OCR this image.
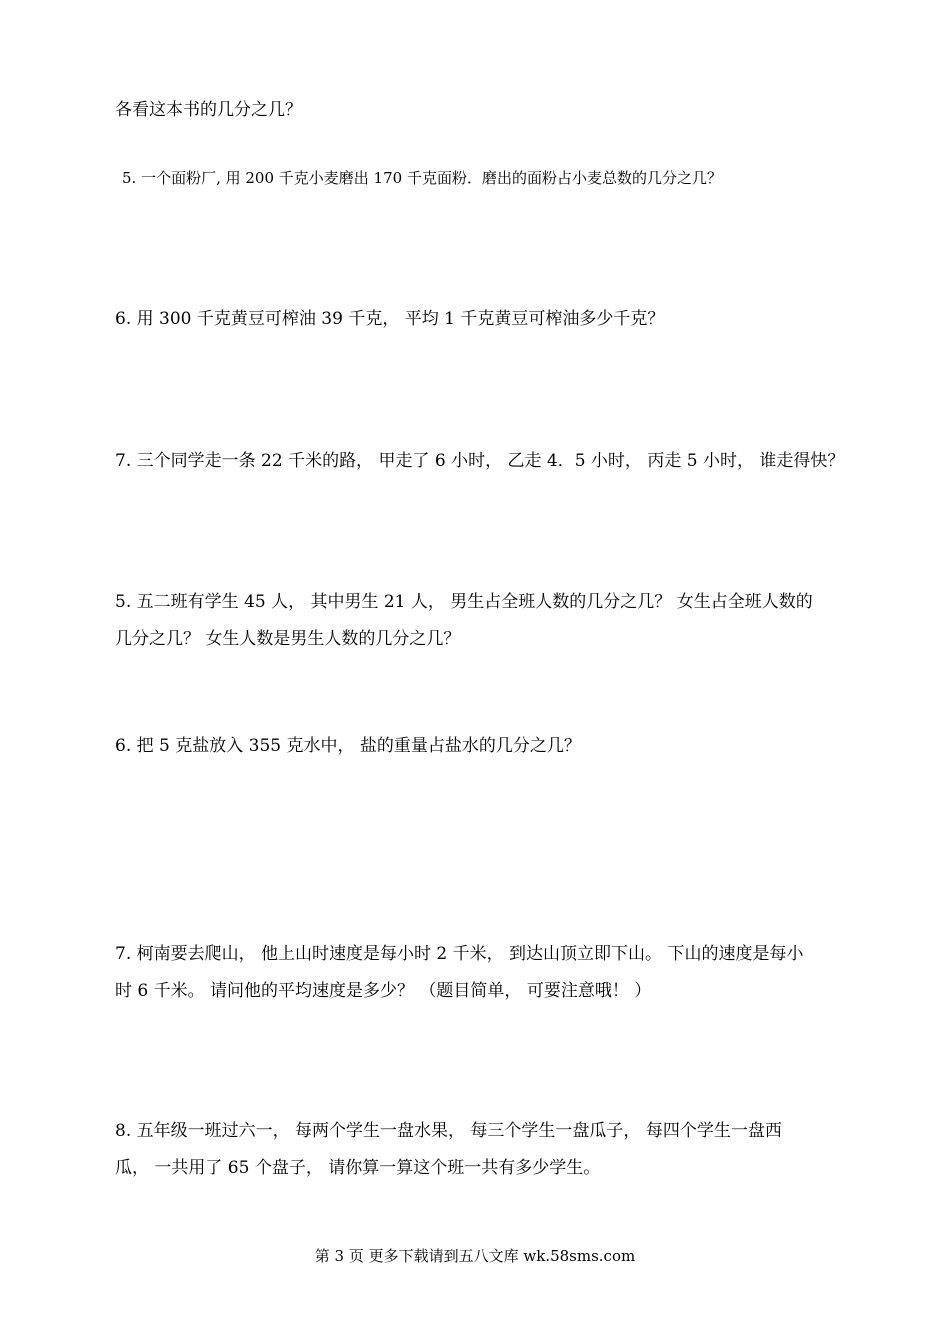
各看这本书的几分之几？
5. 一个面粉厂, 用 200 千克小麦磨出 170 千克面粉．磨出的面粉占小麦总数的几分之几？
6. 用 300 千克黄豆可榨油 39 千克， 平均 1 千克黄豆可榨油多少千克？
7. 三个同学走一条 22 千米的路， 甲走了 6 小时， 乙走 4．5 小时， 丙走 5 小时， 谁走得快？
5. 五二班有学生 45 人， 其中男生 21 人， 男生占全班人数的几分之几？ 女生占全班人数的
几分之几？ 女生人数是男生人数的几分之几？
6. 把 5 克盐放入 355 克水中， 盐的重量占盐水的几分之几？
7. 柯南要去爬山， 他上山时速度是每小时 2 千米， 到达山顶立即下山。 下山的速度是每小
时 6 千米。 请问他的平均速度是多少？ （题目简单， 可要注意哦！ ）
8. 五年级一班过六一， 每两个学生一盘水果， 每三个学生一盘瓜子， 每四个学生一盘西
瓜， 一共用了 65 个盘子， 请你算一算这个班一共有多少学生。
第 3 页 更多下载请到五八文库 wk.58sms.com
